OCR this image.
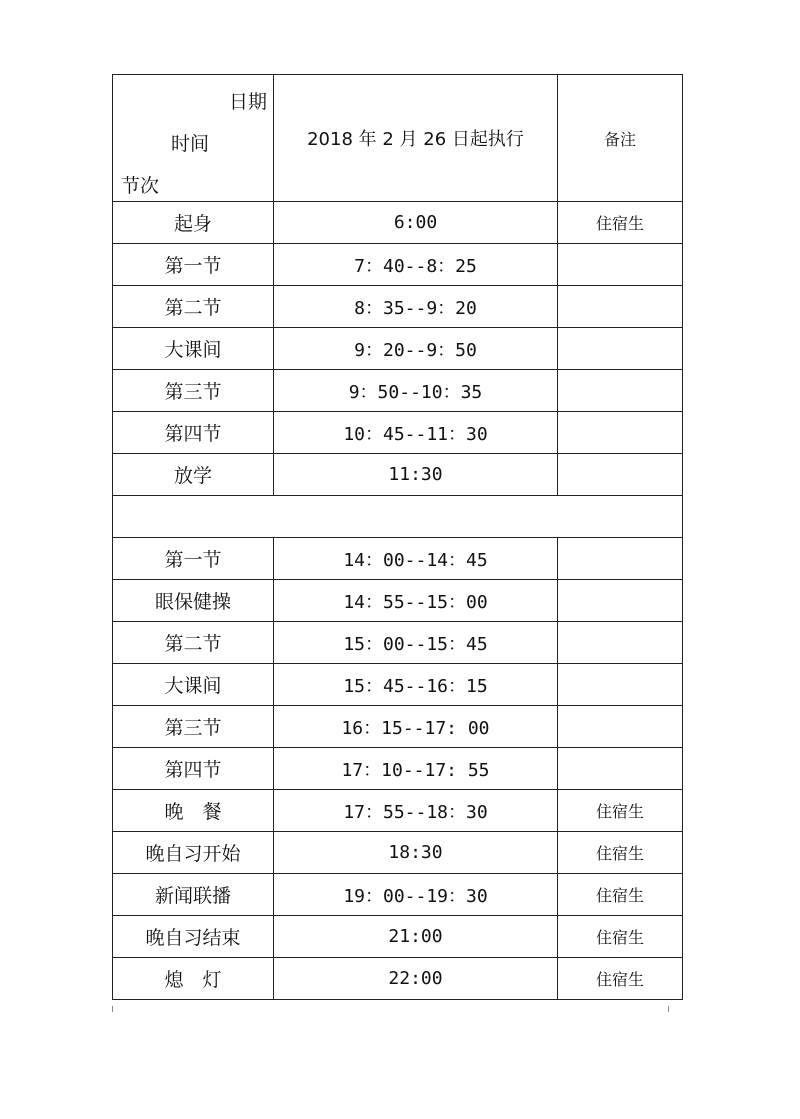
日期
时间
节次	2018 年 2 月 26 日起执行	备注
起身	6:00	住宿生
第一节	7：40--8：25	
第二节	8：35--9：20	
大课间	9：20--9：50	
第三节	9：50--10：35	
第四节	10：45--11：30	
放学	11:30	

第一节	14：00--14：45	
眼保健操	14：55--15：00	
第二节	15：00--15：45	
大课间	15：45--16：15	
第三节	16：15--17: 00	
第四节	17：10--17: 55	
晚　餐	17：55--18：30	住宿生
晚自习开始	18:30	住宿生
新闻联播	19：00--19：30	住宿生
晚自习结束	21:00	住宿生
熄　灯	22:00	住宿生
